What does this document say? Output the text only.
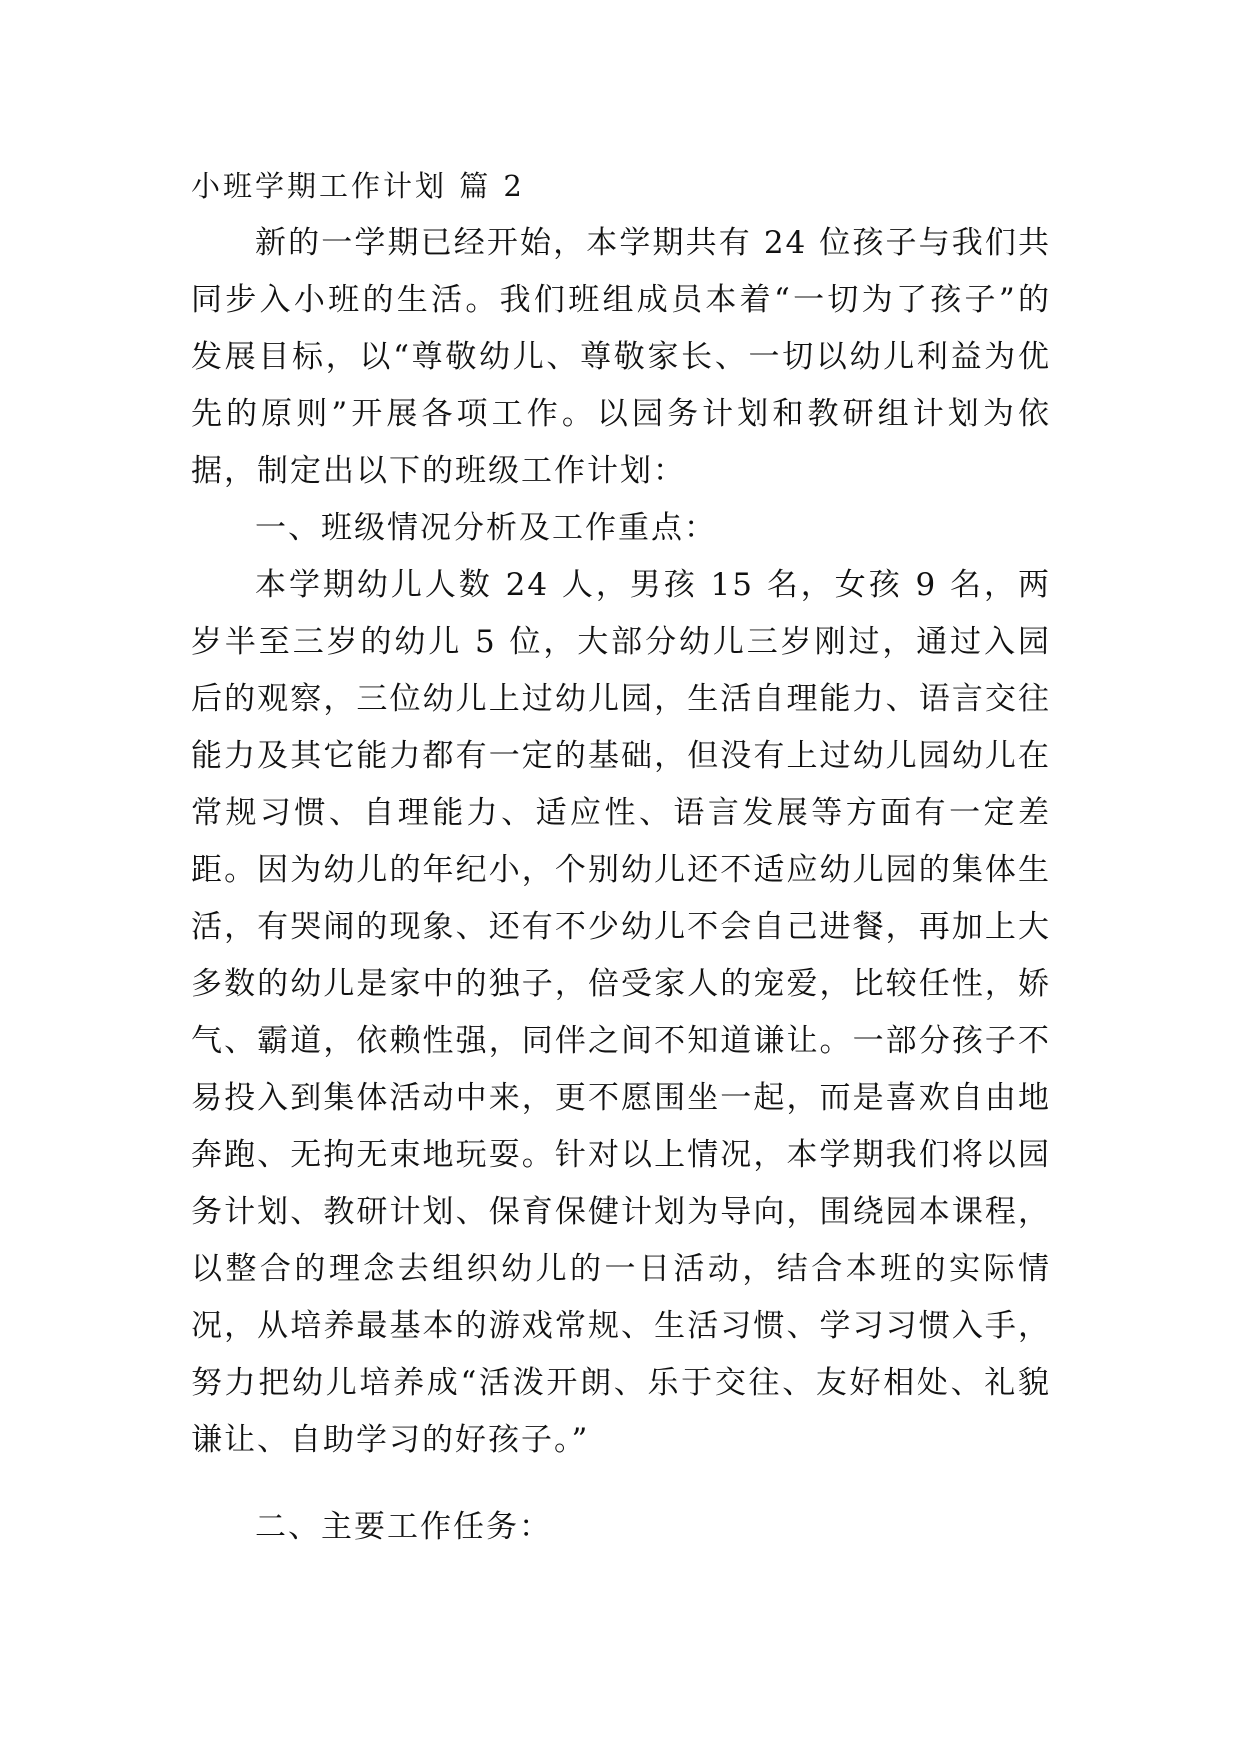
小班学期工作计划 篇 2

新的一学期已经开始，本学期共有 24 位孩子与我们共同步入小班的生活。我们班组成员本着“一切为了孩子”的发展目标，以“尊敬幼儿、尊敬家长、一切以幼儿利益为优先的原则”开展各项工作。以园务计划和教研组计划为依据，制定出以下的班级工作计划：

一、班级情况分析及工作重点：

本学期幼儿人数 24 人，男孩 15 名，女孩 9 名，两岁半至三岁的幼儿 5 位，大部分幼儿三岁刚过，通过入园后的观察，三位幼儿上过幼儿园，生活自理能力、语言交往能力及其它能力都有一定的基础，但没有上过幼儿园幼儿在常规习惯、自理能力、适应性、语言发展等方面有一定差距。因为幼儿的年纪小，个别幼儿还不适应幼儿园的集体生活，有哭闹的现象、还有不少幼儿不会自己进餐，再加上大多数的幼儿是家中的独子，倍受家人的宠爱，比较任性，娇气、霸道，依赖性强，同伴之间不知道谦让。一部分孩子不易投入到集体活动中来，更不愿围坐一起，而是喜欢自由地奔跑、无拘无束地玩耍。针对以上情况，本学期我们将以园务计划、教研计划、保育保健计划为导向，围绕园本课程，以整合的理念去组织幼儿的一日活动，结合本班的实际情况，从培养最基本的游戏常规、生活习惯、学习习惯入手，努力把幼儿培养成“活泼开朗、乐于交往、友好相处、礼貌谦让、自助学习的好孩子。”

二、主要工作任务：
